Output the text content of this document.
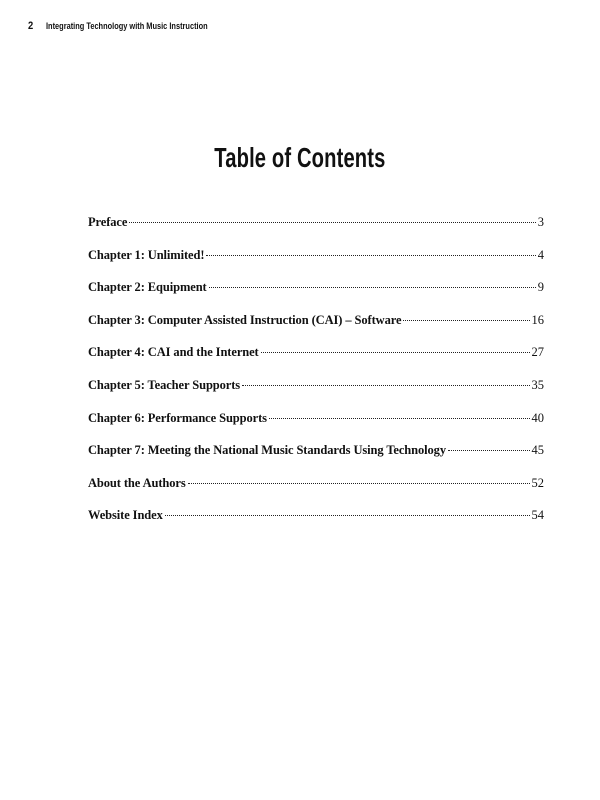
2 Integrating Technology with Music Instruction
Table of Contents
Preface	3
Chapter 1: Unlimited!	4
Chapter 2: Equipment	9
Chapter 3: Computer Assisted Instruction (CAI) – Software	16
Chapter 4: CAI and the Internet	27
Chapter 5: Teacher Supports	35
Chapter 6: Performance Supports	40
Chapter 7: Meeting the National Music Standards Using Technology	45
About the Authors	52
Website Index	54
